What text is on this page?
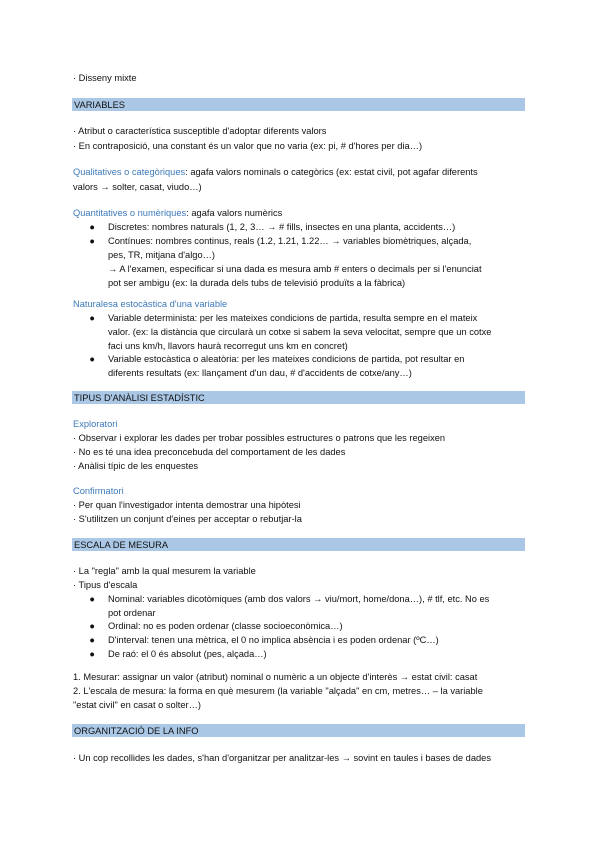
· Disseny mixte
VARIABLES
· Atribut o característica susceptible d'adoptar diferents valors
· En contraposició, una constant és un valor que no varia (ex: pi, # d'hores per dia…)
Qualitatives o categòriques: agafa valors nominals o categòrics (ex: estat civil, pot agafar diferents
valors → solter, casat, viudo…)
Quantitatives o numèriques: agafa valors numèrics
● Discretes: nombres naturals (1, 2, 3… → # fills, insectes en una planta, accidents…)
● Contínues: nombres continus, reals (1.2, 1.21, 1.22… → variables biomètriques, alçada,
pes, TR, mitjana d'algo…)
→ A l'examen, especificar si una dada es mesura amb # enters o decimals per si l'enunciat
pot ser ambigu (ex: la durada dels tubs de televisió produïts a la fàbrica)
Naturalesa estocàstica d'una variable
● Variable determinista: per les mateixes condicions de partida, resulta sempre en el mateix
valor. (ex: la distància que circularà un cotxe si sabem la seva velocitat, sempre que un cotxe
faci uns km/h, llavors haurà recorregut uns km en concret)
● Variable estocàstica o aleatòria: per les mateixes condicions de partida, pot resultar en
diferents resultats (ex: llançament d'un dau, # d'accidents de cotxe/any…)
TIPUS D'ANÀLISI ESTADÍSTIC
Exploratori
· Observar i explorar les dades per trobar possibles estructures o patrons que les regeixen
· No es té una idea preconcebuda del comportament de les dades
· Anàlisi típic de les enquestes
Confirmatori
· Per quan l'investigador intenta demostrar una hipòtesi
· S'utilitzen un conjunt d'eines per acceptar o rebutjar-la
ESCALA DE MESURA
· La "regla" amb la qual mesurem la variable
· Tipus d'escala
● Nominal: variables dicotòmiques (amb dos valors → viu/mort, home/dona…), # tlf, etc. No es
pot ordenar
● Ordinal: no es poden ordenar (classe socioeconòmica…)
● D'interval: tenen una mètrica, el 0 no implica absència i es poden ordenar (ºC…)
● De raó: el 0 és absolut (pes, alçada…)
1. Mesurar: assignar un valor (atribut) nominal o numèric a un objecte d'interès → estat civil: casat
2. L'escala de mesura: la forma en què mesurem (la variable "alçada" en cm, metres… – la variable
"estat civil" en casat o solter…)
ORGANITZACIÓ DE LA INFO
· Un cop recollides les dades, s'han d'organitzar per analitzar-les → sovint en taules i bases de dades
